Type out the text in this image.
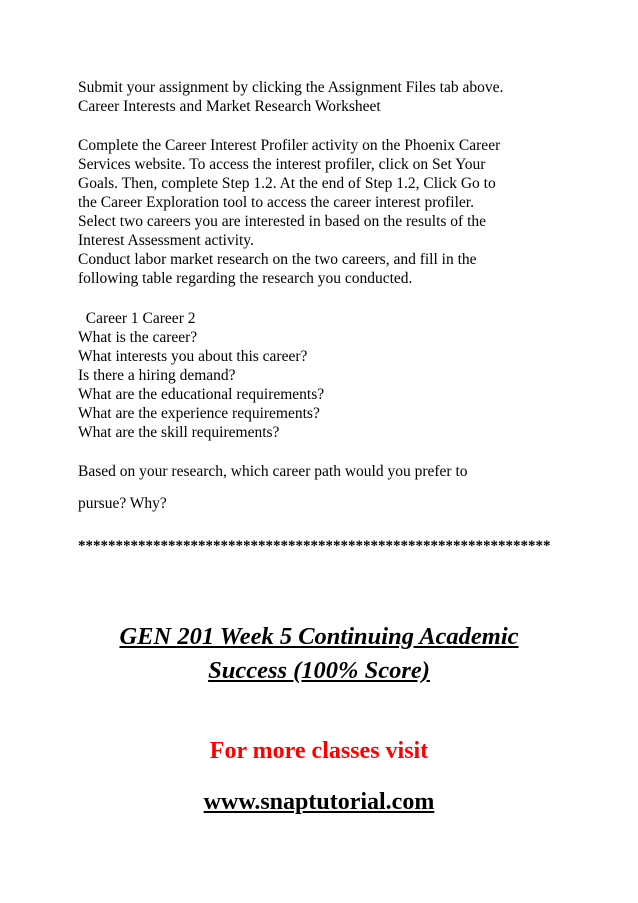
Submit your assignment by clicking the Assignment Files tab above.
Career Interests and Market Research Worksheet
Complete the Career Interest Profiler activity on the Phoenix Career
Services website. To access the interest profiler, click on Set Your
Goals. Then, complete Step 1.2. At the end of Step 1.2, Click Go to
the Career Exploration tool to access the career interest profiler.
Select two careers you are interested in based on the results of the
Interest Assessment activity.
Conduct labor market research on the two careers, and fill in the
following table regarding the research you conducted.
Career 1 Career 2
What is the career?
What interests you about this career?
Is there a hiring demand?
What are the educational requirements?
What are the experience requirements?
What are the skill requirements?
Based on your research, which career path would you prefer to
pursue? Why?
***************************************************************
GEN 201 Week 5 Continuing Academic
Success (100% Score)
For more classes visit
www.snaptutorial.com
